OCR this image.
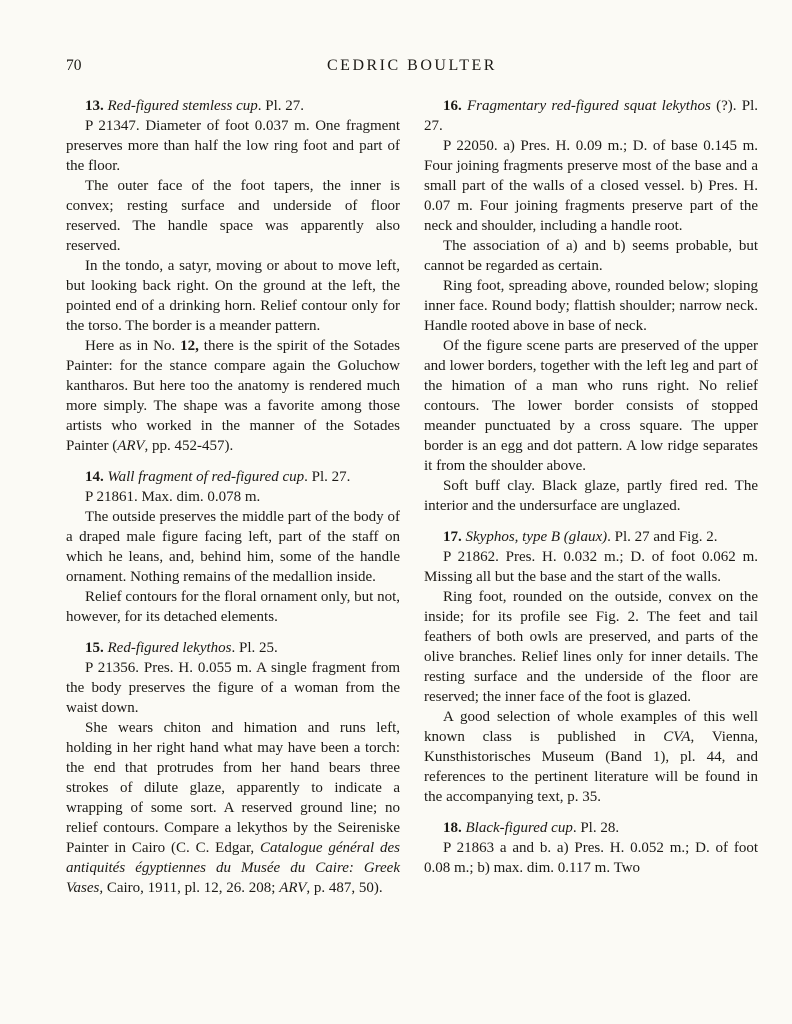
70	CEDRIC BOULTER

13. Red-figured stemless cup. Pl. 27.

P 21347. Diameter of foot 0.037 m. One fragment preserves more than half the low ring foot and part of the floor.

The outer face of the foot tapers, the inner is convex; resting surface and underside of floor reserved. The handle space was apparently also reserved.

In the tondo, a satyr, moving or about to move left, but looking back right. On the ground at the left, the pointed end of a drinking horn. Relief contour only for the torso. The border is a meander pattern.

Here as in No. 12, there is the spirit of the Sotades Painter: for the stance compare again the Goluchow kantharos. But here too the anatomy is rendered much more simply. The shape was a favorite among those artists who worked in the manner of the Sotades Painter (ARV, pp. 452-457).

14. Wall fragment of red-figured cup. Pl. 27.

P 21861. Max. dim. 0.078 m.

The outside preserves the middle part of the body of a draped male figure facing left, part of the staff on which he leans, and, behind him, some of the handle ornament. Nothing remains of the medallion inside.

Relief contours for the floral ornament only, but not, however, for its detached elements.

15. Red-figured lekythos. Pl. 25.

P 21356. Pres. H. 0.055 m. A single fragment from the body preserves the figure of a woman from the waist down.

She wears chiton and himation and runs left, holding in her right hand what may have been a torch: the end that protrudes from her hand bears three strokes of dilute glaze, apparently to indicate a wrapping of some sort. A reserved ground line; no relief contours. Compare a lekythos by the Seireniske Painter in Cairo (C. C. Edgar, Catalogue général des antiquités égyptiennes du Musée du Caire: Greek Vases, Cairo, 1911, pl. 12, 26. 208; ARV, p. 487, 50).

16. Fragmentary red-figured squat lekythos (?). Pl. 27.

P 22050. a) Pres. H. 0.09 m.; D. of base 0.145 m. Four joining fragments preserve most of the base and a small part of the walls of a closed vessel. b) Pres. H. 0.07 m. Four joining fragments preserve part of the neck and shoulder, including a handle root.

The association of a) and b) seems probable, but cannot be regarded as certain.

Ring foot, spreading above, rounded below; sloping inner face. Round body; flattish shoulder; narrow neck. Handle rooted above in base of neck.

Of the figure scene parts are preserved of the upper and lower borders, together with the left leg and part of the himation of a man who runs right. No relief contours. The lower border consists of stopped meander punctuated by a cross square. The upper border is an egg and dot pattern. A low ridge separates it from the shoulder above.

Soft buff clay. Black glaze, partly fired red. The interior and the undersurface are unglazed.

17. Skyphos, type B (glaux). Pl. 27 and Fig. 2.

P 21862. Pres. H. 0.032 m.; D. of foot 0.062 m. Missing all but the base and the start of the walls.

Ring foot, rounded on the outside, convex on the inside; for its profile see Fig. 2. The feet and tail feathers of both owls are preserved, and parts of the olive branches. Relief lines only for inner details. The resting surface and the underside of the floor are reserved; the inner face of the foot is glazed.

A good selection of whole examples of this well known class is published in CVA, Vienna, Kunsthistorisches Museum (Band 1), pl. 44, and references to the pertinent literature will be found in the accompanying text, p. 35.

18. Black-figured cup. Pl. 28.

P 21863 a and b. a) Pres. H. 0.052 m.; D. of foot 0.08 m.; b) max. dim. 0.117 m. Two
